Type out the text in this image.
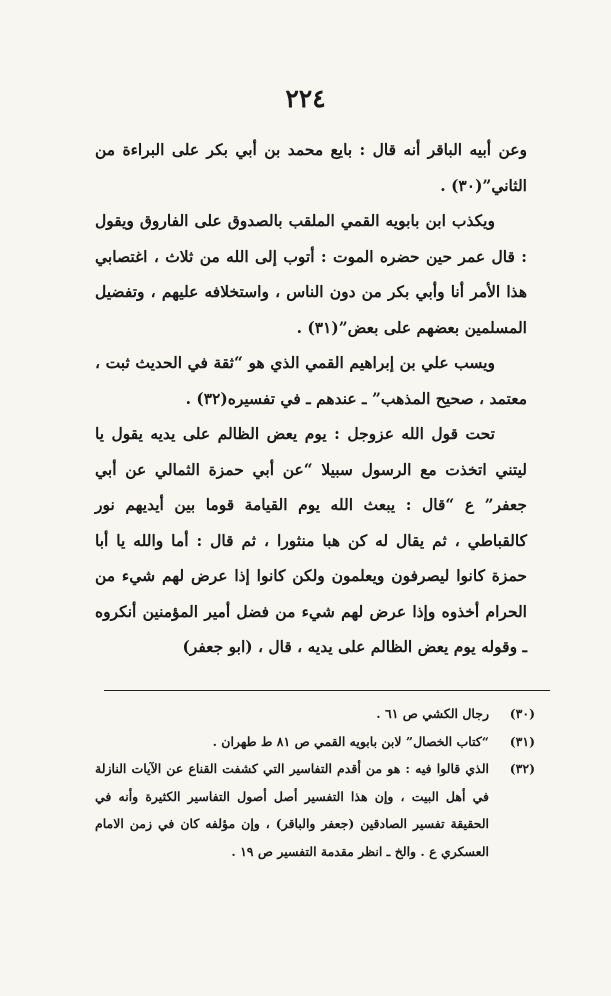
٢٢٤

وعن أبيه الباقر أنه قال : بايع محمد بن أبي بكر على البراءة من الثاني”(٣٠) .

ويكذب ابن بابويه القمي الملقب بالصدوق على الفاروق ويقول : قال عمر حين حضره الموت : أتوب إلى الله من ثلاث ، اغتصابي هذا الأمر أنا وأبي بكر من دون الناس ، واستخلافه عليهم ، وتفضيل المسلمين بعضهم على بعض”(٣١) .

ويسب علي بن إبراهيم القمي الذي هو “ثقة في الحديث ثبت ، معتمد ، صحيح المذهب” ـ عندهم ـ في تفسيره(٣٢) .

تحت قول الله عزوجل : يوم يعض الظالم على يديه يقول يا ليتني اتخذت مع الرسول سبيلا “عن أبي حمزة الثمالي عن أبي جعفر” ع “قال : يبعث الله يوم القيامة قوما بين أيديهم نور كالقباطي ، ثم يقال له كن هبا منثورا ، ثم قال : أما والله يا أبا حمزة كانوا ليصرفون ويعلمون ولكن كانوا إذا عرض لهم شيء من الحرام أخذوه وإذا عرض لهم شيء من فضل أمير المؤمنين أنكروه ـ وقوله يوم يعض الظالم على يديه ، قال ، (ابو جعفر)

(٣٠)
رجال الكشي ص ٦١ .
(٣١)
“كتاب الخصال” لابن بابويه القمي ص ٨١ ط طهران .
(٣٢)
الذي قالوا فيه : هو من أقدم التفاسير التي كشفت القناع عن الآيات النازلة في أهل البيت ، وإن هذا التفسير أصل أصول التفاسير الكثيرة وأنه في الحقيقة تفسير الصادقين (جعفر والباقر) ، وإن مؤلفه كان في زمن الامام العسكري ع . والخ ـ انظر مقدمة التفسير ص ١٩ .
